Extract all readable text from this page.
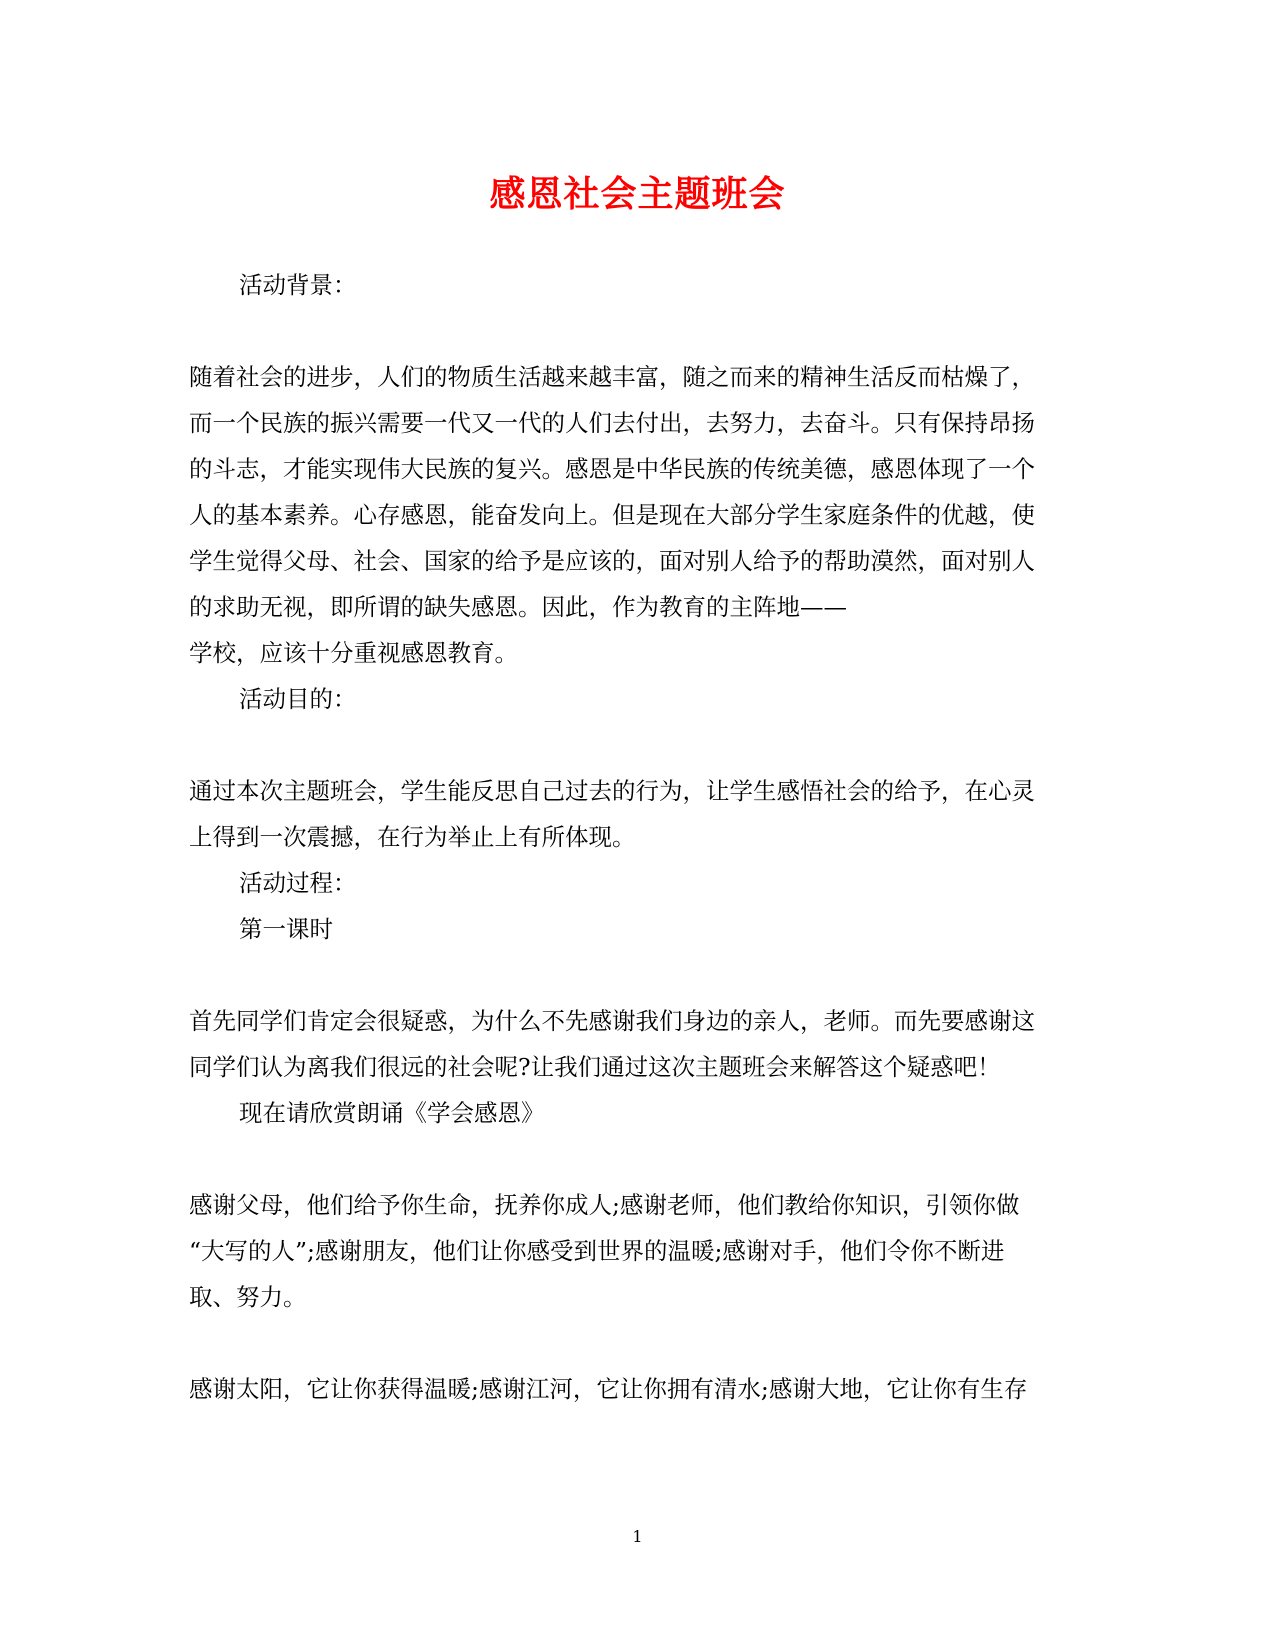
感恩社会主题班会

活动背景：

随着社会的进步，人们的物质生活越来越丰富，随之而来的精神生活反而枯燥了，

而一个民族的振兴需要一代又一代的人们去付出，去努力，去奋斗。只有保持昂扬

的斗志，才能实现伟大民族的复兴。感恩是中华民族的传统美德，感恩体现了一个

人的基本素养。心存感恩，能奋发向上。但是现在大部分学生家庭条件的优越，使

学生觉得父母、社会、国家的给予是应该的，面对别人给予的帮助漠然，面对别人

的求助无视，即所谓的缺失感恩。因此，作为教育的主阵地——

学校，应该十分重视感恩教育。

活动目的：

通过本次主题班会，学生能反思自己过去的行为，让学生感悟社会的给予，在心灵

上得到一次震撼，在行为举止上有所体现。

活动过程：

第一课时

首先同学们肯定会很疑惑，为什么不先感谢我们身边的亲人，老师。而先要感谢这

同学们认为离我们很远的社会呢?让我们通过这次主题班会来解答这个疑惑吧！

现在请欣赏朗诵《学会感恩》

感谢父母，他们给予你生命，抚养你成人;感谢老师，他们教给你知识，引领你做

“大写的人”;感谢朋友，他们让你感受到世界的温暖;感谢对手，他们令你不断进

取、努力。

感谢太阳，它让你获得温暖;感谢江河，它让你拥有清水;感谢大地，它让你有生存

1
